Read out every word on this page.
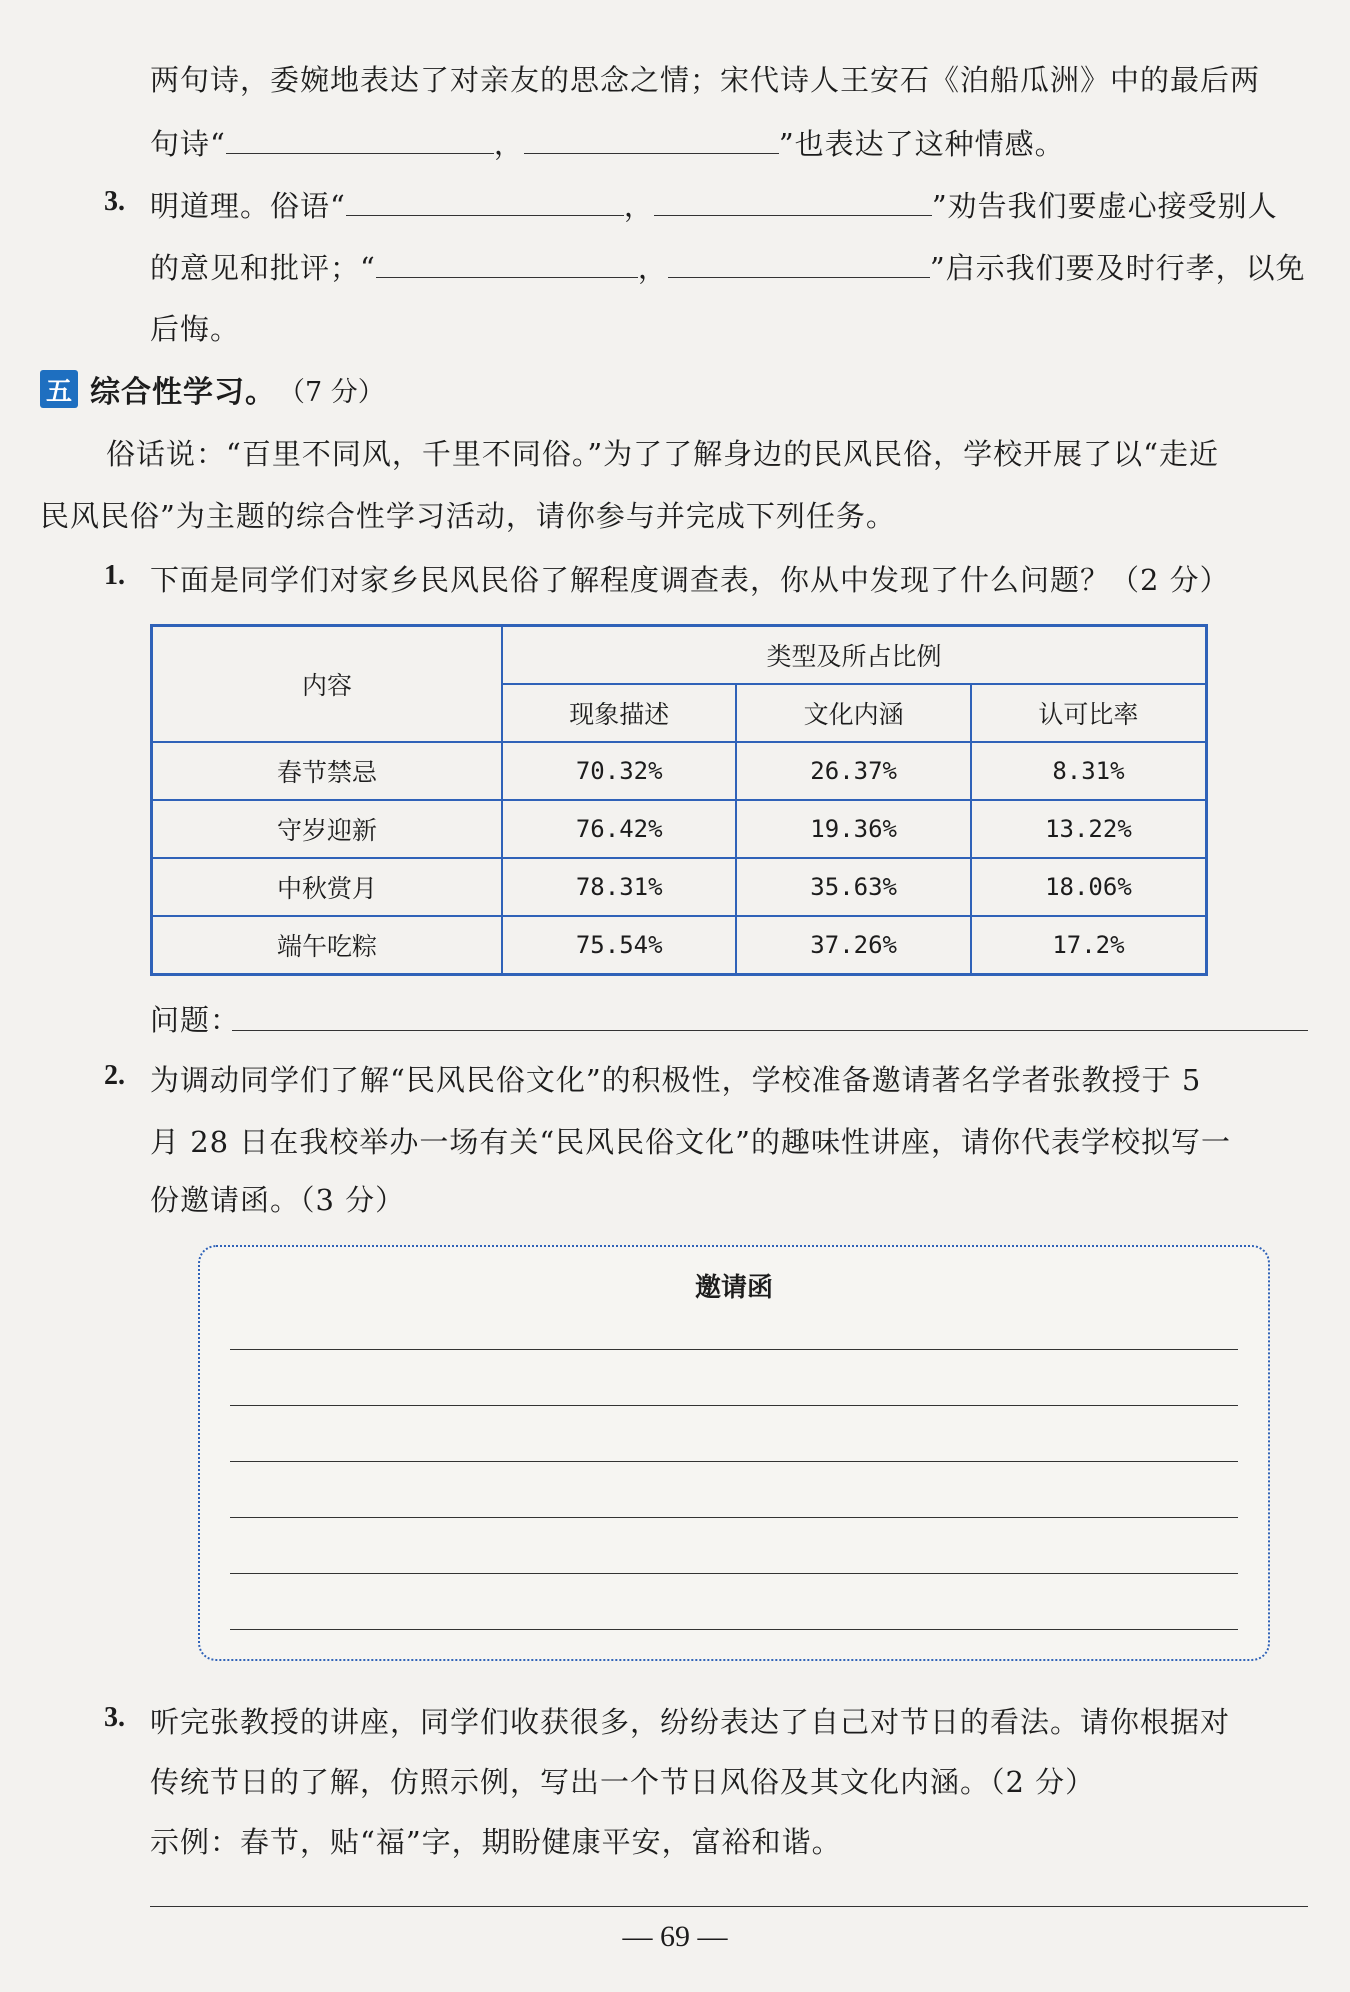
两句诗，委婉地表达了对亲友的思念之情；宋代诗人王安石《泊船瓜洲》中的最后两
句诗“	，	”也表达了这种情感。
3. 明道理。俗语“	，	”劝告我们要虚心接受别人
的意见和批评；“	，	”启示我们要及时行孝，以免
后悔。
五 综合性学习。 （7 分）
俗话说：“百里不同风，千里不同俗。”为了了解身边的民风民俗，学校开展了以“走近
民风民俗”为主题的综合性学习活动，请你参与并完成下列任务。
1. 下面是同学们对家乡民风民俗了解程度调查表，你从中发现了什么问题？（2 分）
内容	类型及所占比例		
	现象描述	文化内涵	认可比率
春节禁忌	70.32%	26.37%	8.31%
守岁迎新	76.42%	19.36%	13.22%
中秋赏月	78.31%	35.63%	18.06%
端午吃粽	75.54%	37.26%	17.2%
问题：
2. 为调动同学们了解“民风民俗文化”的积极性，学校准备邀请著名学者张教授于 5
月 28 日在我校举办一场有关“民风民俗文化”的趣味性讲座，请你代表学校拟写一
份邀请函。（3 分）
邀请函
3. 听完张教授的讲座，同学们收获很多，纷纷表达了自己对节日的看法。请你根据对
传统节日的了解，仿照示例，写出一个节日风俗及其文化内涵。（2 分）
示例：春节，贴“福”字，期盼健康平安，富裕和谐。
— 69 —
